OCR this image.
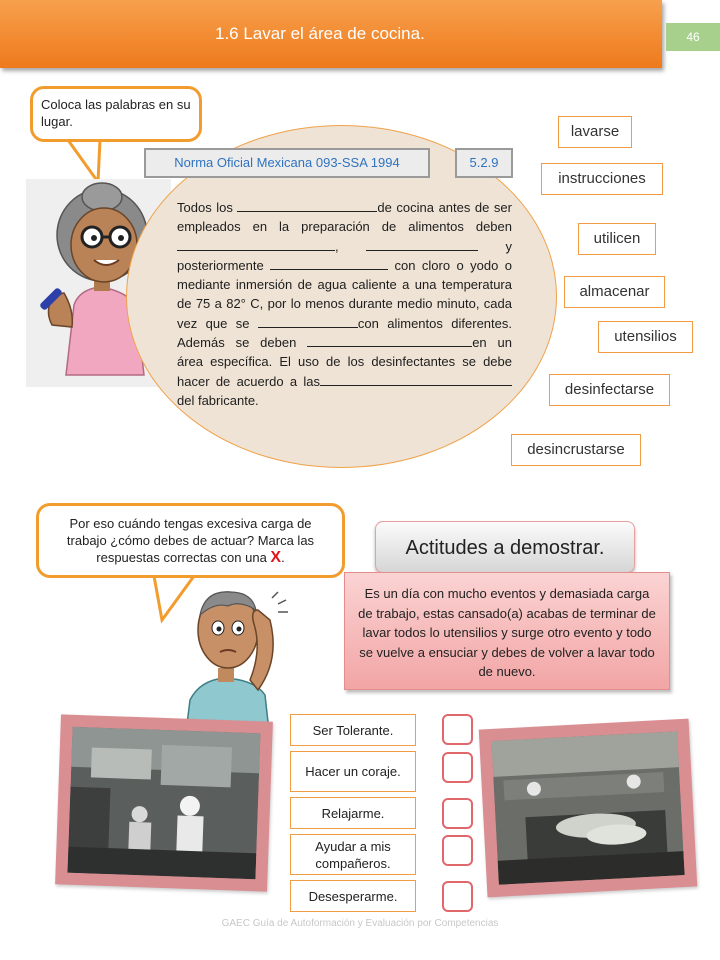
1.6 Lavar el área de cocina.	46
Coloca las palabras en su lugar.
Norma Oficial Mexicana 093-SSA 1994	5.2.9
Todos los	de cocina antes de ser empleados en la preparación de alimentos deben,	y posteriormente	con cloro o yodo o mediante inmersión de agua caliente a una temperatura de 75 a 82° C, por lo menos durante medio minuto, cada vez que se	con alimentos diferentes. Además se deben	en un área específica. El uso de los desinfectantes se debe hacer de acuerdo a las del fabricante.
lavarse
instrucciones
utilicen
almacenar
utensilios
desinfectarse
desincrustarse
Por eso cuándo tengas excesiva carga de trabajo ¿cómo debes de actuar? Marca las respuestas correctas con una X.	Actitudes a demostrar.
Es un día con mucho eventos y demasiada carga de trabajo, estas cansado(a) acabas de terminar de lavar todos lo utensilios y surge otro evento y todo se vuelve a ensuciar y debes de volver a lavar todo de nuevo.
Ser Tolerante.
Hacer un coraje.
Relajarme.
Ayudar a mis compañeros.
Desesperarme.
GAEC Guía de Autoformación y Evaluación por Competencias
